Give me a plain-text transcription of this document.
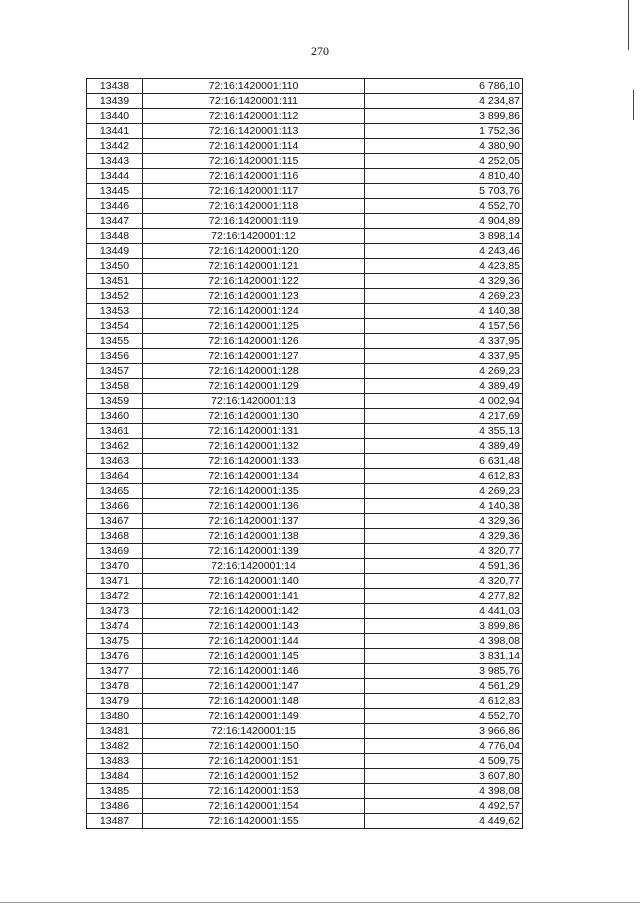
270
13438	72:16:1420001:110	6 786,10
13439	72:16:1420001:111	4 234,87
13440	72:16:1420001:112	3 899,86
13441	72:16:1420001:113	1 752,36
13442	72:16:1420001:114	4 380,90
13443	72:16:1420001:115	4 252,05
13444	72:16:1420001:116	4 810,40
13445	72:16:1420001:117	5 703,76
13446	72:16:1420001:118	4 552,70
13447	72:16:1420001:119	4 904,89
13448	72:16:1420001:12	3 898,14
13449	72:16:1420001:120	4 243,46
13450	72:16:1420001:121	4 423,85
13451	72:16:1420001:122	4 329,36
13452	72:16:1420001:123	4 269,23
13453	72:16:1420001:124	4 140,38
13454	72:16:1420001:125	4 157,56
13455	72:16:1420001:126	4 337,95
13456	72:16:1420001:127	4 337,95
13457	72:16:1420001:128	4 269,23
13458	72:16:1420001:129	4 389,49
13459	72:16:1420001:13	4 002,94
13460	72:16:1420001:130	4 217,69
13461	72:16:1420001:131	4 355,13
13462	72:16:1420001:132	4 389,49
13463	72:16:1420001:133	6 631,48
13464	72:16:1420001:134	4 612,83
13465	72:16:1420001:135	4 269,23
13466	72:16:1420001:136	4 140,38
13467	72:16:1420001:137	4 329,36
13468	72:16:1420001:138	4 329,36
13469	72:16:1420001:139	4 320,77
13470	72:16:1420001:14	4 591,36
13471	72:16:1420001:140	4 320,77
13472	72:16:1420001:141	4 277,82
13473	72:16:1420001:142	4 441,03
13474	72:16:1420001:143	3 899,86
13475	72:16:1420001:144	4 398,08
13476	72:16:1420001:145	3 831,14
13477	72:16:1420001:146	3 985,76
13478	72:16:1420001:147	4 561,29
13479	72:16:1420001:148	4 612,83
13480	72:16:1420001:149	4 552,70
13481	72:16:1420001:15	3 966,86
13482	72:16:1420001:150	4 776,04
13483	72:16:1420001:151	4 509,75
13484	72:16:1420001:152	3 607,80
13485	72:16:1420001:153	4 398,08
13486	72:16:1420001:154	4 492,57
13487	72:16:1420001:155	4 449,62
